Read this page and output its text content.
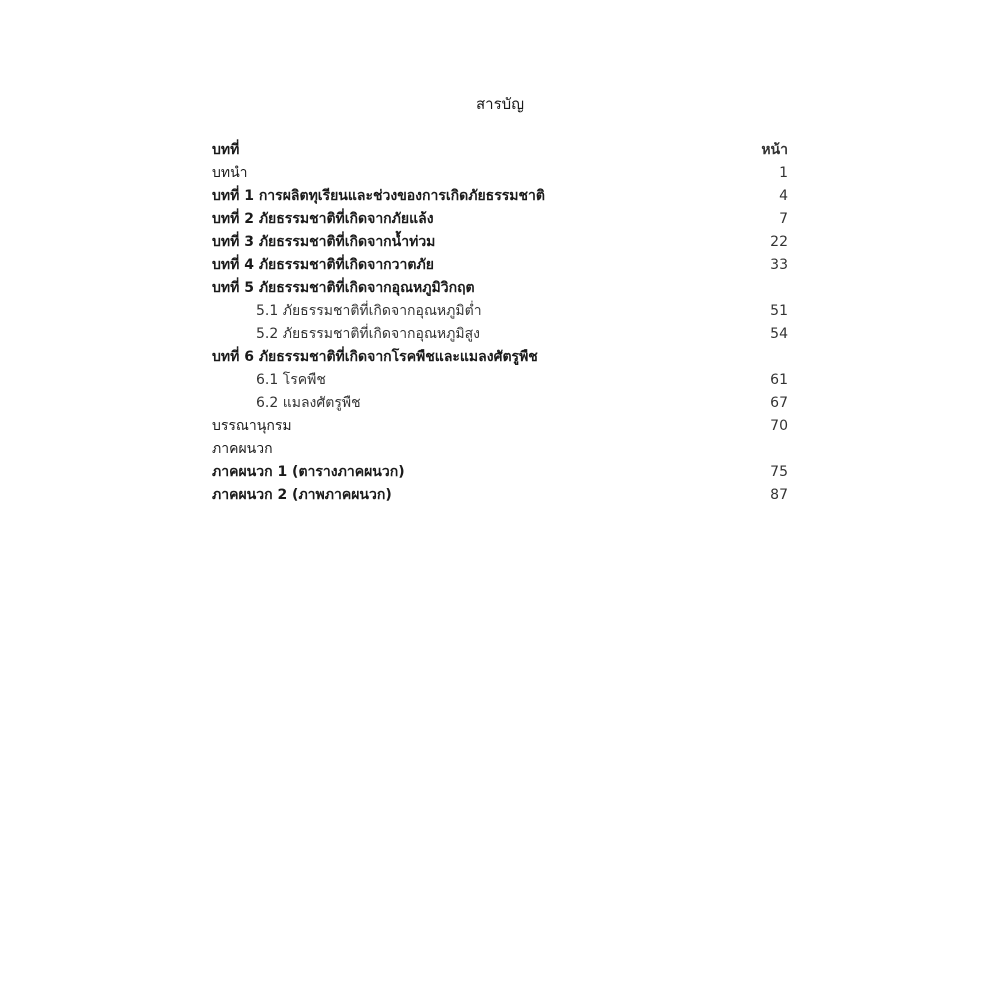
สารบัญ
บทที่	หน้า
บทนำ	1
บทที่ 1 การผลิตทุเรียนและช่วงของการเกิดภัยธรรมชาติ	4
บทที่ 2 ภัยธรรมชาติที่เกิดจากภัยแล้ง	7
บทที่ 3 ภัยธรรมชาติที่เกิดจากน้ำท่วม	22
บทที่ 4 ภัยธรรมชาติที่เกิดจากวาตภัย	33
บทที่ 5 ภัยธรรมชาติที่เกิดจากอุณหภูมิวิกฤต
5.1 ภัยธรรมชาติที่เกิดจากอุณหภูมิต่ำ	51
5.2 ภัยธรรมชาติที่เกิดจากอุณหภูมิสูง	54
บทที่ 6 ภัยธรรมชาติที่เกิดจากโรคพืชและแมลงศัตรูพืช
6.1 โรคพืช	61
6.2 แมลงศัตรูพืช	67
บรรณานุกรม	70
ภาคผนวก
ภาคผนวก 1 (ตารางภาคผนวก)	75
ภาคผนวก 2 (ภาพภาคผนวก)	87
